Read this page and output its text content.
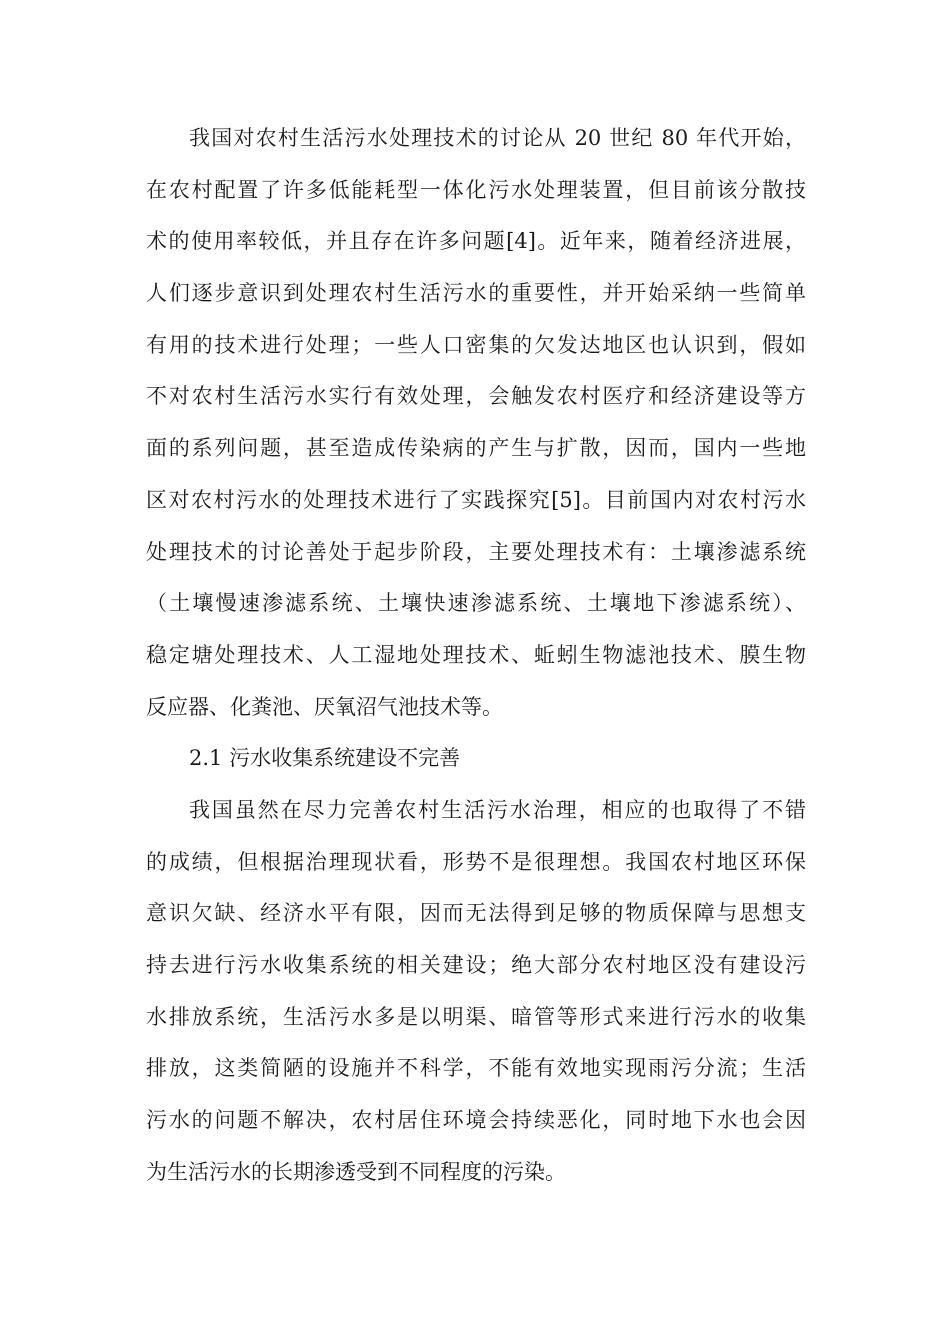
我国对农村生活污水处理技术的讨论从 20 世纪 80 年代开始，
在农村配置了许多低能耗型一体化污水处理装置，但目前该分散技
术的使用率较低，并且存在许多问题[4]。近年来，随着经济进展，
人们逐步意识到处理农村生活污水的重要性，并开始采纳一些简单
有用的技术进行处理；一些人口密集的欠发达地区也认识到，假如
不对农村生活污水实行有效处理，会触发农村医疗和经济建设等方
面的系列问题，甚至造成传染病的产生与扩散，因而，国内一些地
区对农村污水的处理技术进行了实践探究[5]。目前国内对农村污水
处理技术的讨论善处于起步阶段，主要处理技术有：土壤渗滤系统
（土壤慢速渗滤系统、土壤快速渗滤系统、土壤地下渗滤系统）、
稳定塘处理技术、人工湿地处理技术、蚯蚓生物滤池技术、膜生物
反应器、化粪池、厌氧沼气池技术等。
2.1 污水收集系统建设不完善
我国虽然在尽力完善农村生活污水治理，相应的也取得了不错
的成绩，但根据治理现状看，形势不是很理想。我国农村地区环保
意识欠缺、经济水平有限，因而无法得到足够的物质保障与思想支
持去进行污水收集系统的相关建设；绝大部分农村地区没有建设污
水排放系统，生活污水多是以明渠、暗管等形式来进行污水的收集
排放，这类简陋的设施并不科学，不能有效地实现雨污分流；生活
污水的问题不解决，农村居住环境会持续恶化，同时地下水也会因
为生活污水的长期渗透受到不同程度的污染。
